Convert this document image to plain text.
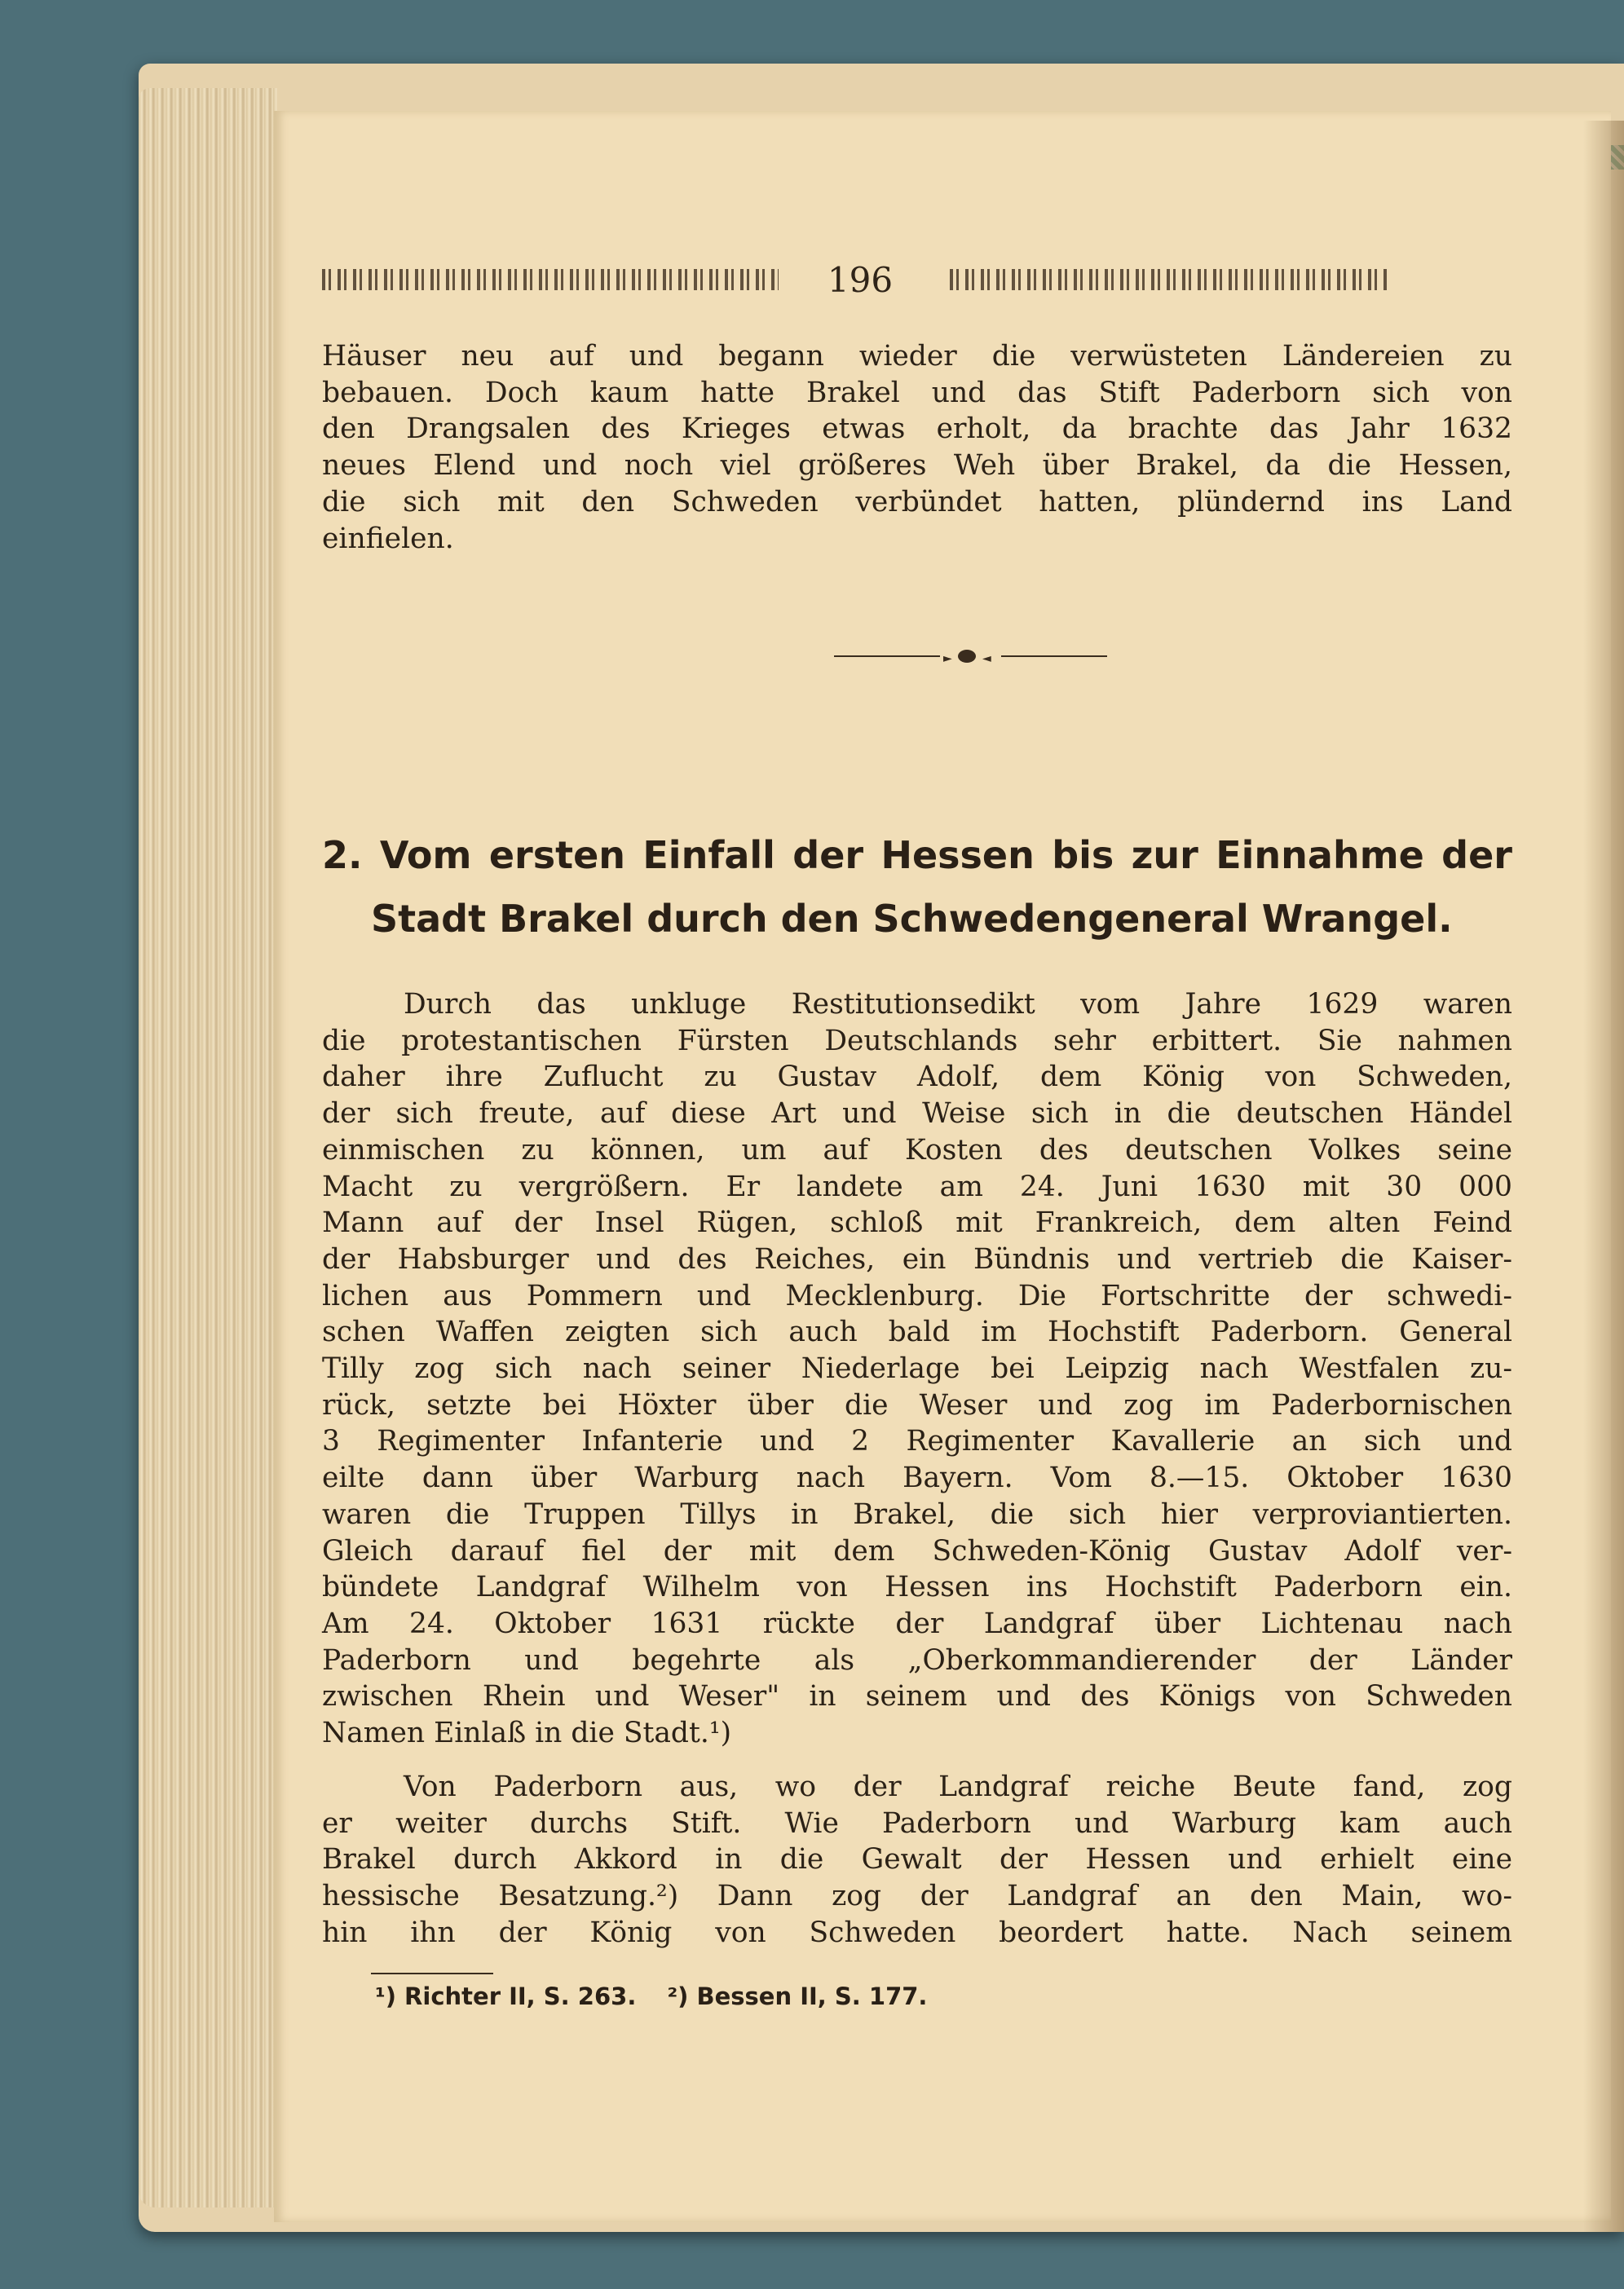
196
Häuser neu auf und begann wieder die verwüsteten Ländereien zu
bebauen. Doch kaum hatte Brakel und das Stift Paderborn sich von
den Drangsalen des Krieges etwas erholt, da brachte das Jahr 1632
neues Elend und noch viel größeres Weh über Brakel, da die Hessen,
die sich mit den Schweden verbündet hatten, plündernd ins Land
einfielen.
►	◄
2. Vom ersten Einfall der Hessen bis zur Einnahme der
Stadt Brakel durch den Schwedengeneral Wrangel.
Durch das unkluge Restitutionsedikt vom Jahre 1629 waren
die protestantischen Fürsten Deutschlands sehr erbittert. Sie nahmen
daher ihre Zuflucht zu Gustav Adolf, dem König von Schweden,
der sich freute, auf diese Art und Weise sich in die deutschen Händel
einmischen zu können, um auf Kosten des deutschen Volkes seine
Macht zu vergrößern. Er landete am 24. Juni 1630 mit 30 000
Mann auf der Insel Rügen, schloß mit Frankreich, dem alten Feind
der Habsburger und des Reiches, ein Bündnis und vertrieb die Kaiser-
lichen aus Pommern und Mecklenburg. Die Fortschritte der schwedi-
schen Waffen zeigten sich auch bald im Hochstift Paderborn. General
Tilly zog sich nach seiner Niederlage bei Leipzig nach Westfalen zu-
rück, setzte bei Höxter über die Weser und zog im Paderbornischen
3 Regimenter Infanterie und 2 Regimenter Kavallerie an sich und
eilte dann über Warburg nach Bayern. Vom 8.—15. Oktober 1630
waren die Truppen Tillys in Brakel, die sich hier verproviantierten.
Gleich darauf fiel der mit dem Schweden-König Gustav Adolf ver-
bündete Landgraf Wilhelm von Hessen ins Hochstift Paderborn ein.
Am 24. Oktober 1631 rückte der Landgraf über Lichtenau nach
Paderborn und begehrte als „Oberkommandierender der Länder
zwischen Rhein und Weser" in seinem und des Königs von Schweden
Namen Einlaß in die Stadt.¹)
Von Paderborn aus, wo der Landgraf reiche Beute fand, zog
er weiter durchs Stift. Wie Paderborn und Warburg kam auch
Brakel durch Akkord in die Gewalt der Hessen und erhielt eine
hessische Besatzung.²) Dann zog der Landgraf an den Main, wo-
hin ihn der König von Schweden beordert hatte. Nach seinem
¹) Richter II, S. 263. ²) Bessen II, S. 177.
